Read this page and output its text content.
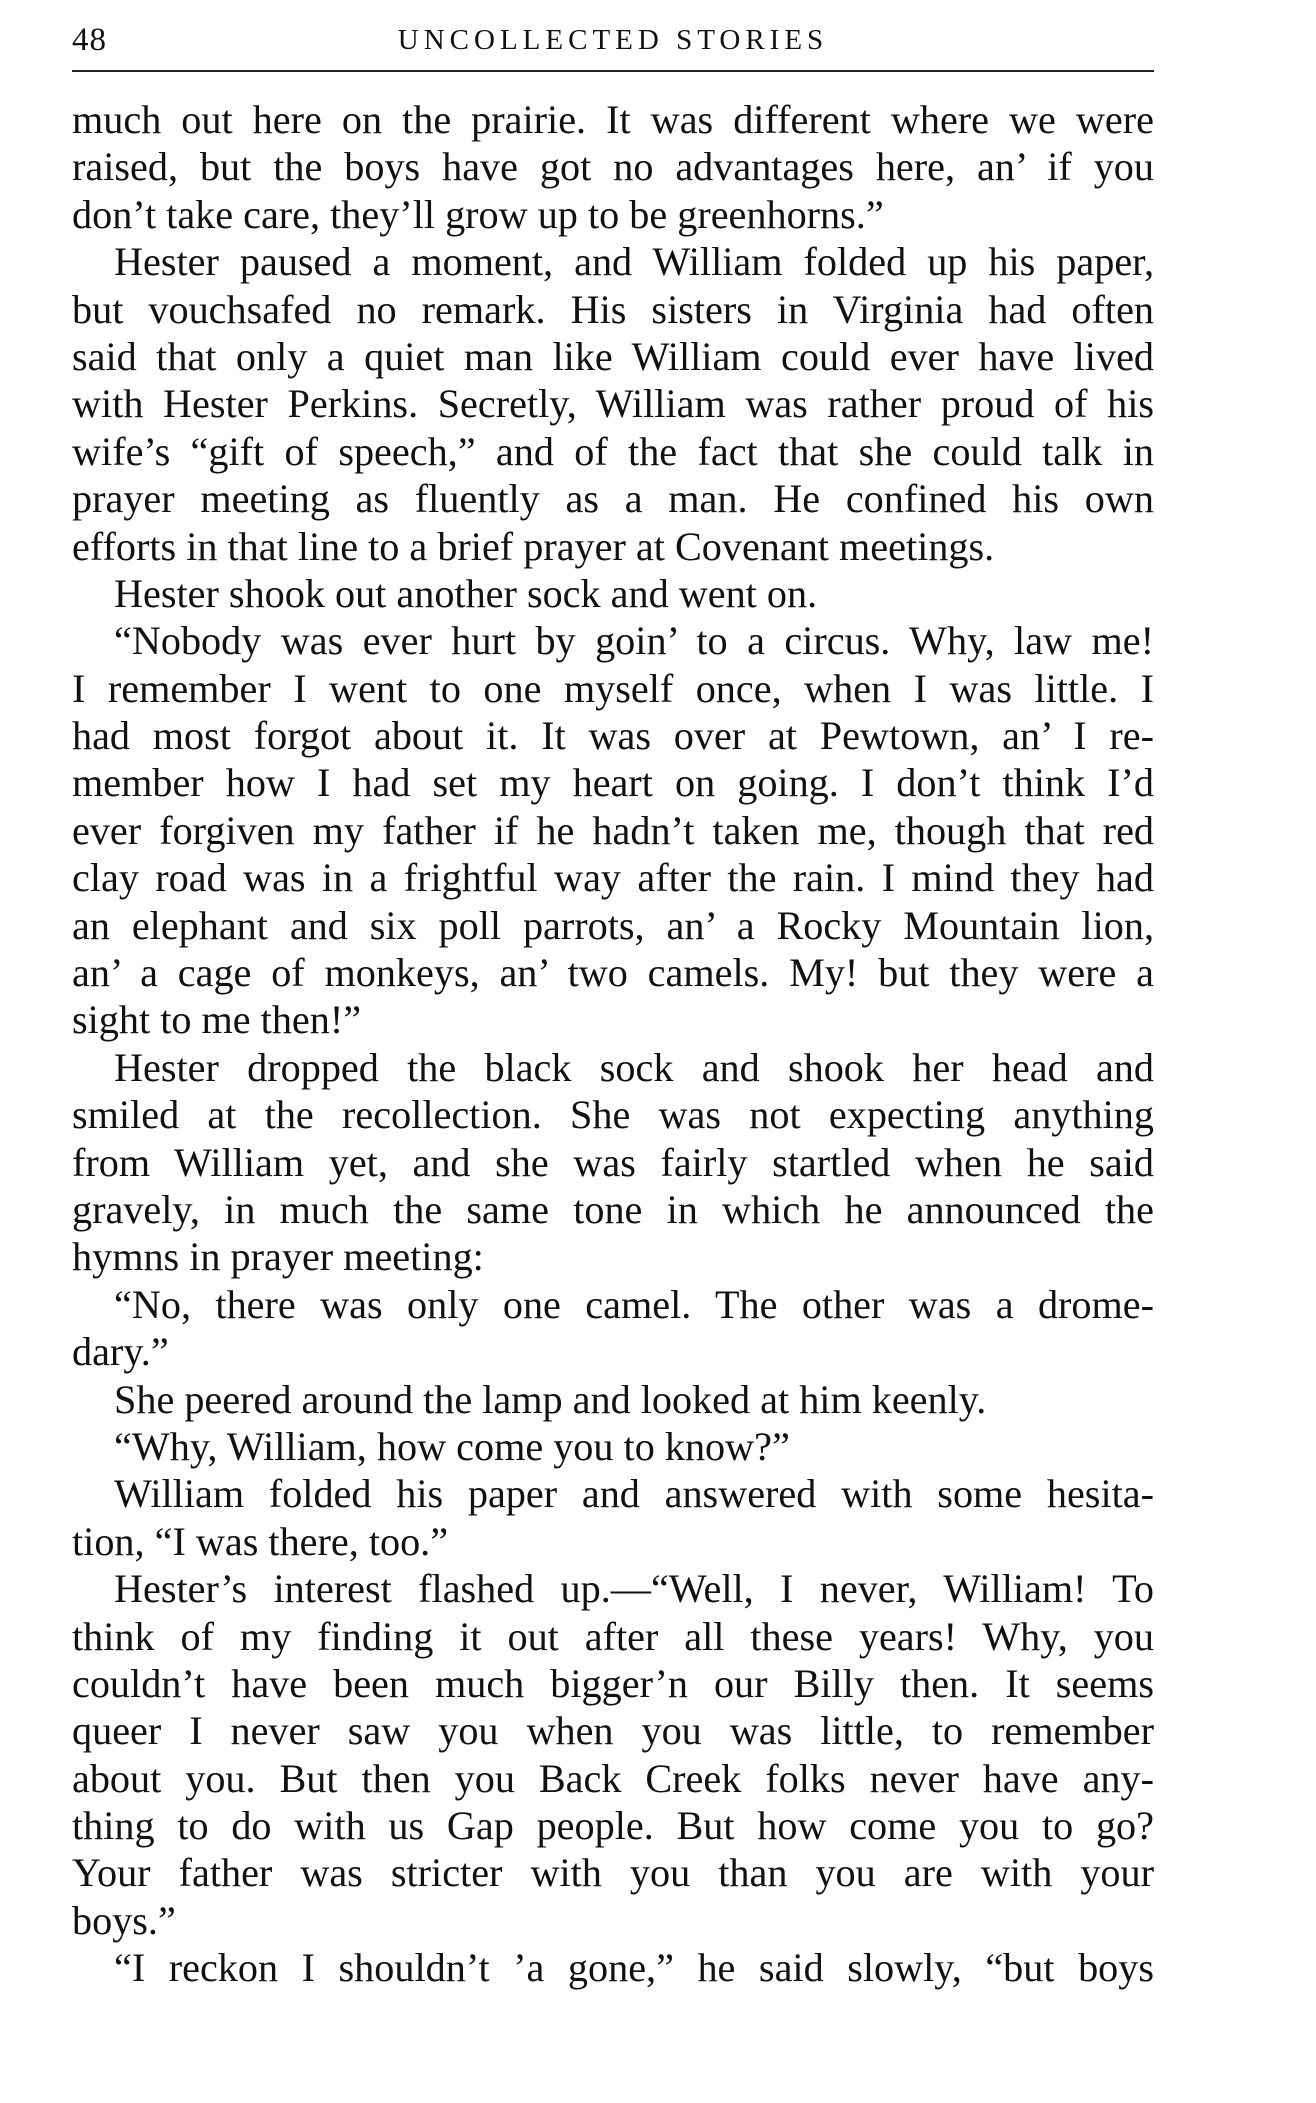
48	UNCOLLECTED STORIES
much out here on the prairie. It was different where we were
raised, but the boys have got no advantages here, an’ if you
don’t take care, they’ll grow up to be greenhorns.”
Hester paused a moment, and William folded up his paper,
but vouchsafed no remark. His sisters in Virginia had often
said that only a quiet man like William could ever have lived
with Hester Perkins. Secretly, William was rather proud of his
wife’s “gift of speech,” and of the fact that she could talk in
prayer meeting as fluently as a man. He confined his own
efforts in that line to a brief prayer at Covenant meetings.
Hester shook out another sock and went on.
“Nobody was ever hurt by goin’ to a circus. Why, law me!
I remember I went to one myself once, when I was little. I
had most forgot about it. It was over at Pewtown, an’ I re-
member how I had set my heart on going. I don’t think I’d
ever forgiven my father if he hadn’t taken me, though that red
clay road was in a frightful way after the rain. I mind they had
an elephant and six poll parrots, an’ a Rocky Mountain lion,
an’ a cage of monkeys, an’ two camels. My! but they were a
sight to me then!”
Hester dropped the black sock and shook her head and
smiled at the recollection. She was not expecting anything
from William yet, and she was fairly startled when he said
gravely, in much the same tone in which he announced the
hymns in prayer meeting:
“No, there was only one camel. The other was a drome-
dary.”
She peered around the lamp and looked at him keenly.
“Why, William, how come you to know?”
William folded his paper and answered with some hesita-
tion, “I was there, too.”
Hester’s interest flashed up.—“Well, I never, William! To
think of my finding it out after all these years! Why, you
couldn’t have been much bigger’n our Billy then. It seems
queer I never saw you when you was little, to remember
about you. But then you Back Creek folks never have any-
thing to do with us Gap people. But how come you to go?
Your father was stricter with you than you are with your
boys.”
“I reckon I shouldn’t ’a gone,” he said slowly, “but boys
